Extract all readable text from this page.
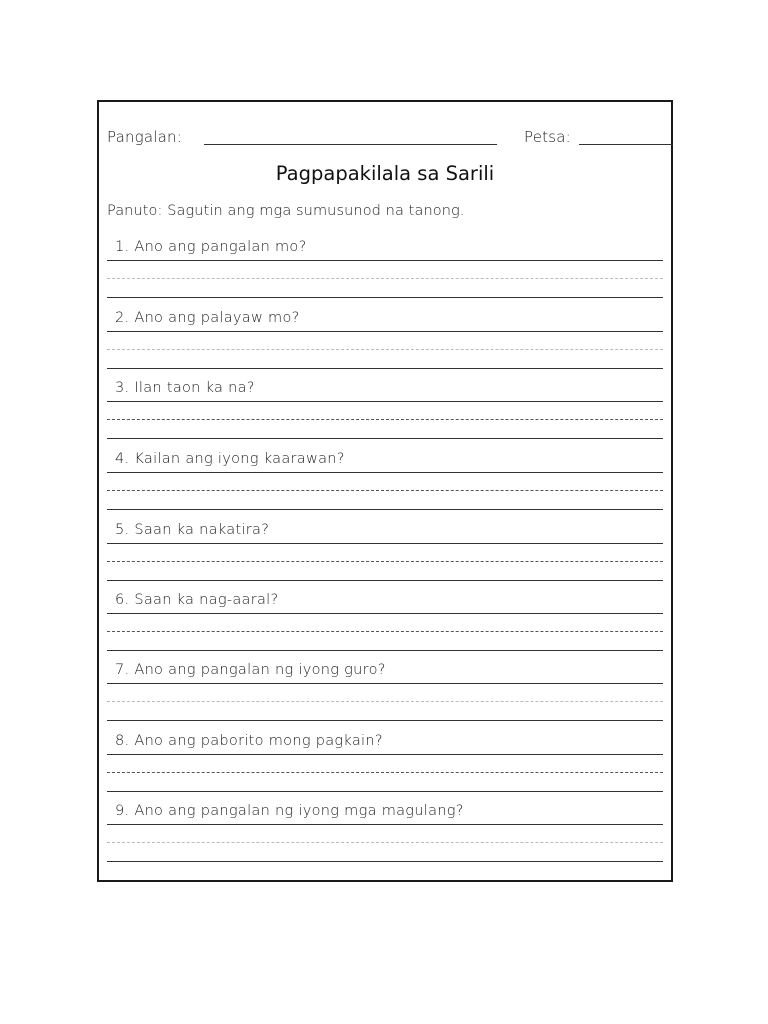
Pangalan:	Petsa:
Pagpapakilala sa Sarili
Panuto: Sagutin ang mga sumusunod na tanong.
1. Ano ang pangalan mo?
2. Ano ang palayaw mo?
3. Ilan taon ka na?
4. Kailan ang iyong kaarawan?
5. Saan ka nakatira?
6. Saan ka nag-aaral?
7. Ano ang pangalan ng iyong guro?
8. Ano ang paborito mong pagkain?
9. Ano ang pangalan ng iyong mga magulang?
